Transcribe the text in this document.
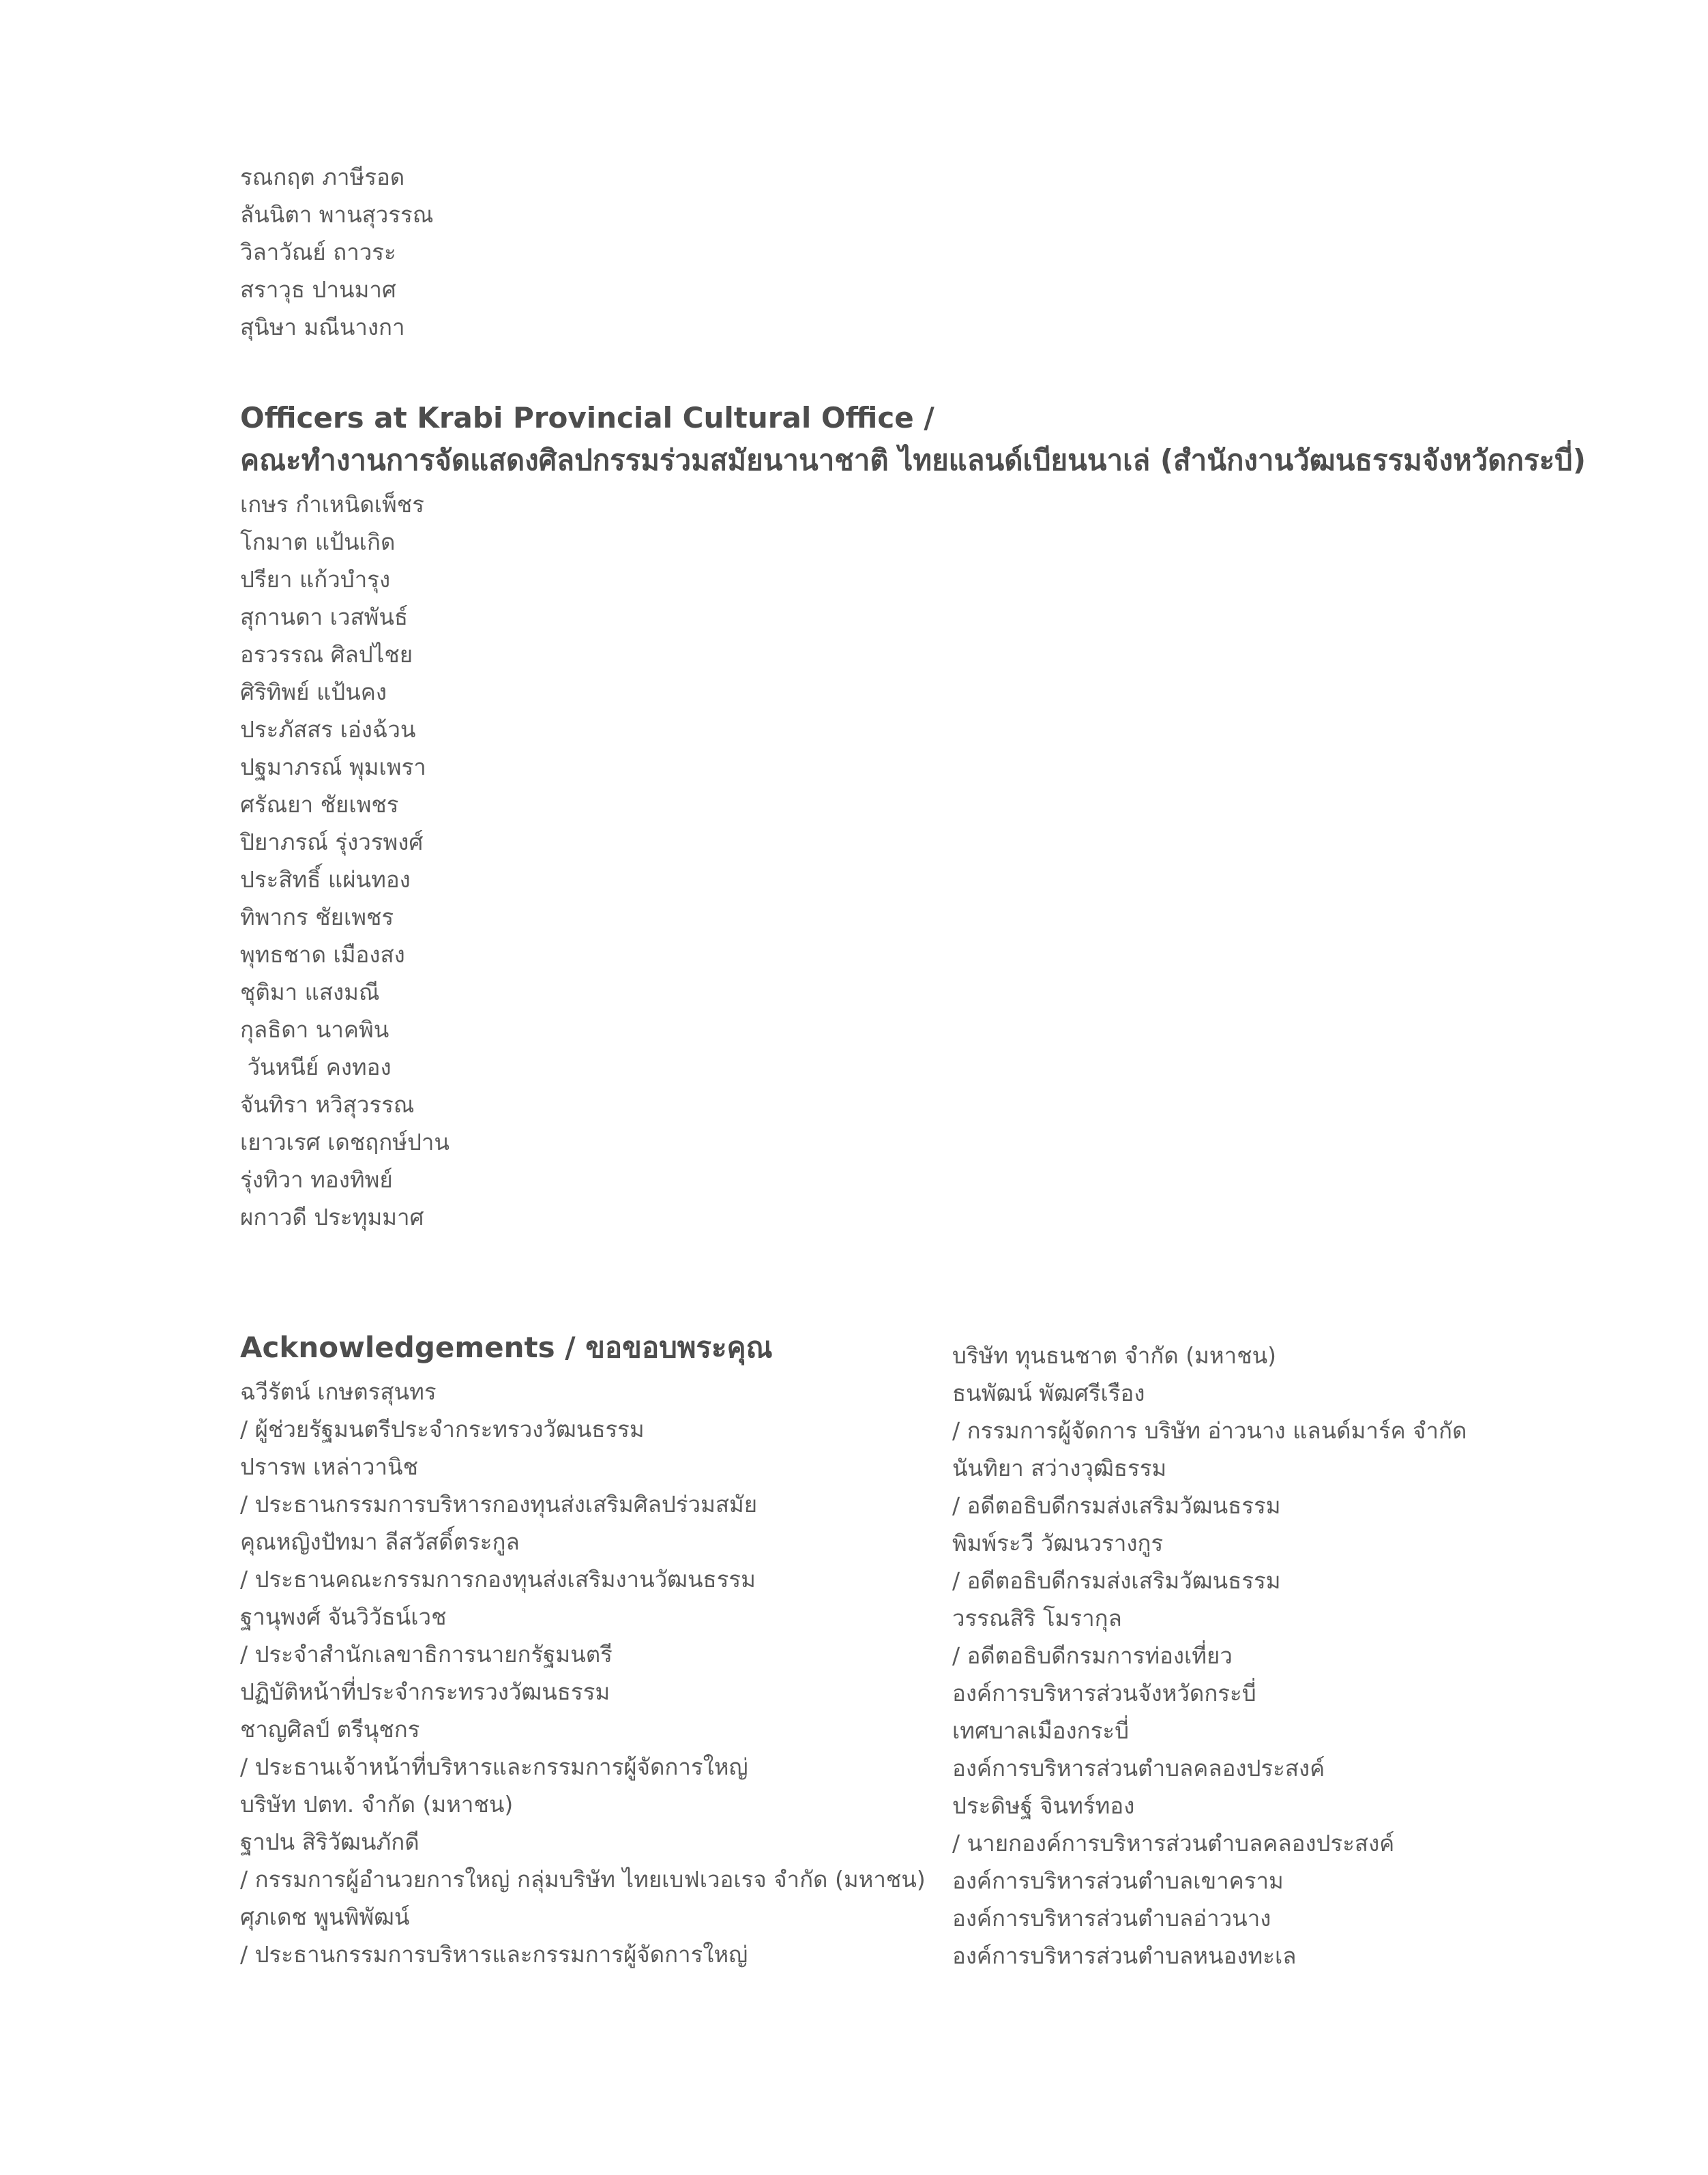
รณกฤต ภาษีรอด
ลันนิตา พานสุวรรณ
วิลาวัณย์ ถาวระ
สราวุธ ปานมาศ
สุนิษา มณีนางกา
Officers at Krabi Provincial Cultural Office /
คณะทำงานการจัดแสดงศิลปกรรมร่วมสมัยนานาชาติ ไทยแลนด์เบียนนาเล่ (สำนักงานวัฒนธรรมจังหวัดกระบี่)
เกษร กำเหนิดเพ็ชร
โกมาต แป้นเกิด
ปรียา แก้วบำรุง
สุกานดา เวสพันธ์
อรวรรณ ศิลปไชย
ศิริทิพย์ แป้นคง
ประภัสสร เอ่งฉ้วน
ปฐมาภรณ์ พุมเพรา
ศรัณยา ชัยเพชร
ปิยาภรณ์ รุ่งวรพงศ์
ประสิทธิ์ แผ่นทอง
ทิพากร ชัยเพชร
พุทธชาด เมืองสง
ชุติมา แสงมณี
กุลธิดา นาคพิน
วันหนีย์ คงทอง
จันทิรา หวิสุวรรณ
เยาวเรศ เดชฤกษ์ปาน
รุ่งทิวา ทองทิพย์
ผกาวดี ประทุมมาศ
Acknowledgements / ขอขอบพระคุณ
ฉวีรัตน์ เกษตรสุนทร
/ ผู้ช่วยรัฐมนตรีประจำกระทรวงวัฒนธรรม
ปรารพ เหล่าวานิช
/ ประธานกรรมการบริหารกองทุนส่งเสริมศิลปร่วมสมัย
คุณหญิงปัทมา ลีสวัสดิ์ตระกูล
/ ประธานคณะกรรมการกองทุนส่งเสริมงานวัฒนธรรม
ฐานุพงศ์ จันวิวัธน์เวช
/ ประจำสำนักเลขาธิการนายกรัฐมนตรี
ปฏิบัติหน้าที่ประจำกระทรวงวัฒนธรรม
ชาญศิลป์ ตรีนุชกร
/ ประธานเจ้าหน้าที่บริหารและกรรมการผู้จัดการใหญ่
บริษัท ปตท. จำกัด (มหาชน)
ฐาปน สิริวัฒนภักดี
/ กรรมการผู้อำนวยการใหญ่ กลุ่มบริษัท ไทยเบฟเวอเรจ จำกัด (มหาชน)
ศุภเดช พูนพิพัฒน์
/ ประธานกรรมการบริหารและกรรมการผู้จัดการใหญ่
บริษัท ทุนธนชาต จำกัด (มหาชน)
ธนพัฒน์ พัฒศรีเรือง
/ กรรมการผู้จัดการ บริษัท อ่าวนาง แลนด์มาร์ค จำกัด
นันทิยา สว่างวุฒิธรรม
/ อดีตอธิบดีกรมส่งเสริมวัฒนธรรม
พิมพ์ระวี วัฒนวรางกูร
/ อดีตอธิบดีกรมส่งเสริมวัฒนธรรม
วรรณสิริ โมรากุล
/ อดีตอธิบดีกรมการท่องเที่ยว
องค์การบริหารส่วนจังหวัดกระบี่
เทศบาลเมืองกระบี่
องค์การบริหารส่วนตำบลคลองประสงค์
ประดิษฐ์ จินทร์ทอง
/ นายกองค์การบริหารส่วนตำบลคลองประสงค์
องค์การบริหารส่วนตำบลเขาคราม
องค์การบริหารส่วนตำบลอ่าวนาง
องค์การบริหารส่วนตำบลหนองทะเล
